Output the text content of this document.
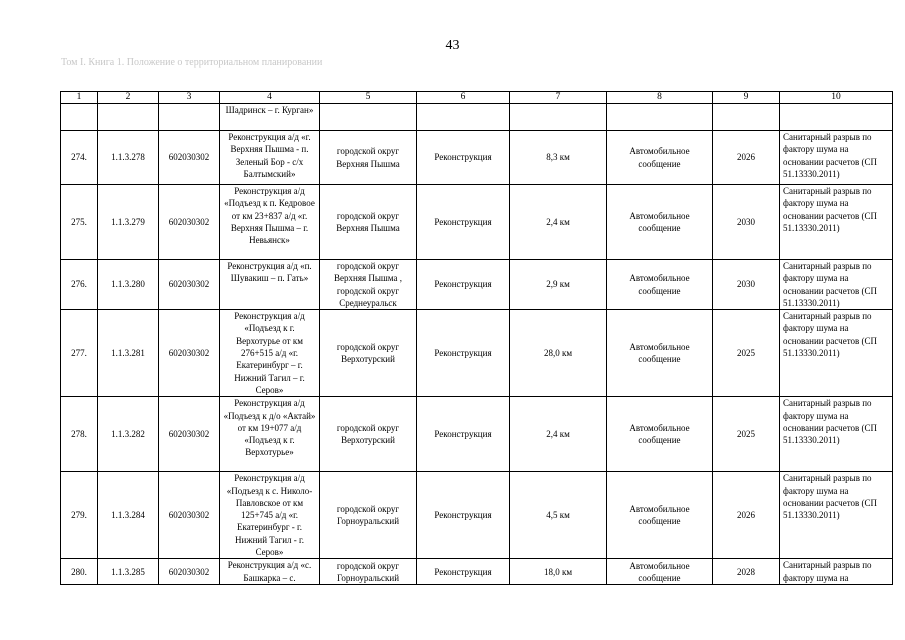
43
Том I. Книга 1. Положение о территориальном планировании
1	2	3	4	5	6	7	8	9	10
			Шадринск – г. Курган»						
274.	1.1.3.278	602030302	Реконструкция а/д «г. Верхняя Пышма - п. Зеленый Бор - с/х Балтымский»	городской округ Верхняя Пышма	Реконструкция	8,3 км	Автомобильное сообщение	2026	Санитарный разрыв по фактору шума на основании расчетов (СП 51.13330.2011)
275.	1.1.3.279	602030302	Реконструкция а/д «Подъезд к п. Кедровое от км 23+837 а/д «г. Верхняя Пышма – г. Невьянск»	городской округ Верхняя Пышма	Реконструкция	2,4 км	Автомобильное сообщение	2030	Санитарный разрыв по фактору шума на основании расчетов (СП 51.13330.2011)
276.	1.1.3.280	602030302	Реконструкция а/д «п. Шувакиш – п. Гать»	городской округ Верхняя Пышма , городской округ Среднеуральск	Реконструкция	2,9 км	Автомобильное сообщение	2030	Санитарный разрыв по фактору шума на основании расчетов (СП 51.13330.2011)
277.	1.1.3.281	602030302	Реконструкция а/д «Подъезд к г. Верхотурье от км 276+515 а/д «г. Екатеринбург – г. Нижний Тагил – г. Серов»	городской округ Верхотурский	Реконструкция	28,0 км	Автомобильное сообщение	2025	Санитарный разрыв по фактору шума на основании расчетов (СП 51.13330.2011)
278.	1.1.3.282	602030302	Реконструкция а/д «Подъезд к д/о «Актай» от км 19+077 а/д «Подъезд к г. Верхотурье»	городской округ Верхотурский	Реконструкция	2,4 км	Автомобильное сообщение	2025	Санитарный разрыв по фактору шума на основании расчетов (СП 51.13330.2011)
279.	1.1.3.284	602030302	Реконструкция а/д «Подъезд к с. Николо-Павловское от км 125+745 а/д «г. Екатеринбург - г. Нижний Тагил - г. Серов»	городской округ Горноуральский	Реконструкция	4,5 км	Автомобильное сообщение	2026	Санитарный разрыв по фактору шума на основании расчетов (СП 51.13330.2011)
280.	1.1.3.285	602030302	Реконструкция а/д «с. Башкарка – с.	городской округ Горноуральский	Реконструкция	18,0 км	Автомобильное сообщение	2028	Санитарный разрыв по фактору шума на
